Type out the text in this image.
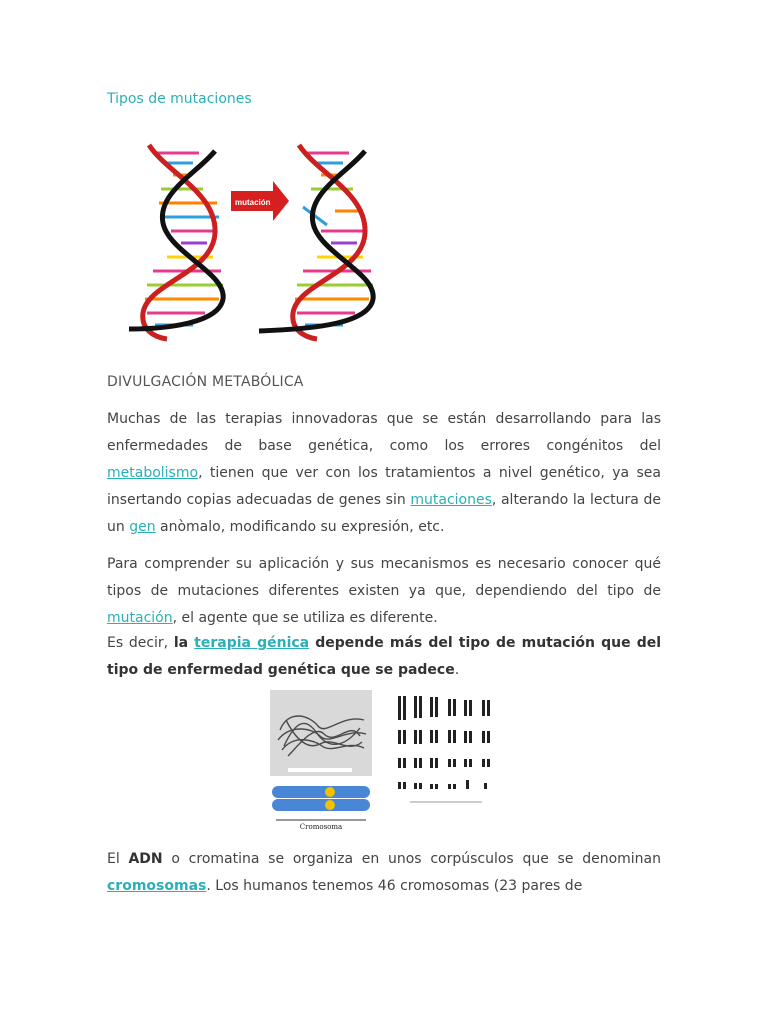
Tipos de mutaciones
mutación
DIVULGACIÓN METABÓLICA

Muchas de las terapias innovadoras que se están desarrollando para las enfermedades de base genética, como los errores congénitos del metabolismo, tienen que ver con los tratamientos a nivel genético, ya sea insertando copias adecuadas de genes sin mutaciones, alterando la lectura de un gen anòmalo, modificando su expresión, etc.

Para comprender su aplicación y sus mecanismos es necesario conocer qué tipos de mutaciones diferentes existen ya que, dependiendo del tipo de mutación, el agente que se utiliza es diferente.

Es decir, la terapia génica depende más del tipo de mutación que del tipo de enfermedad genética que se padece.

Cromosoma

El ADN o cromatina se organiza en unos corpúsculos que se denominan cromosomas. Los humanos tenemos 46 cromosomas (23 pares de
